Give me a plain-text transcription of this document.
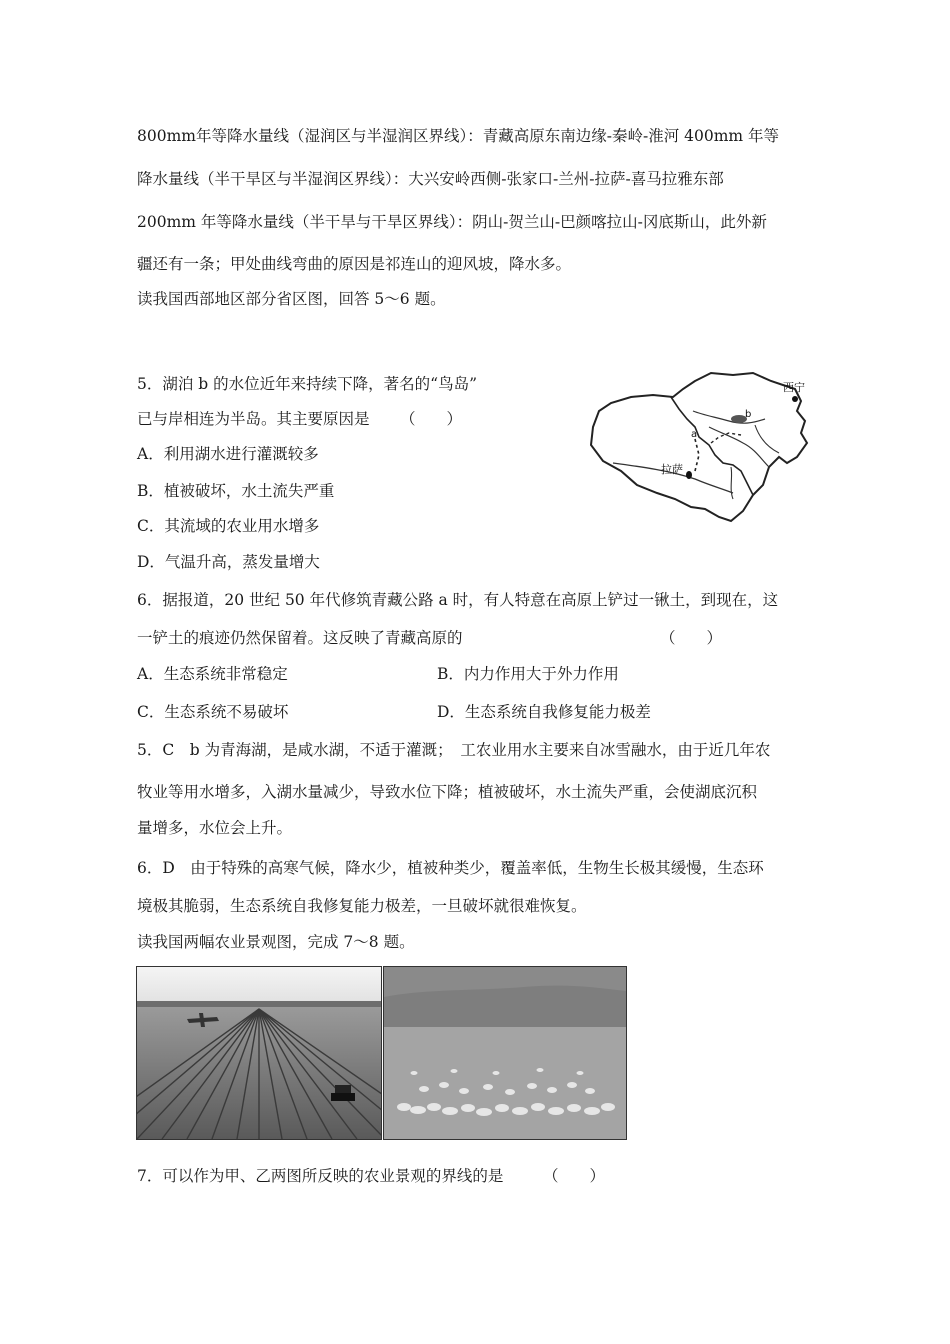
800mm年等降水量线（湿润区与半湿润区界线）：青藏高原东南边缘-秦岭-淮河 400mm 年等
降水量线（半干旱区与半湿润区界线）：大兴安岭西侧-张家口-兰州-拉萨-喜马拉雅东部
200mm 年等降水量线（半干旱与干旱区界线）：阴山-贺兰山-巴颜喀拉山-冈底斯山，此外新
疆还有一条；甲处曲线弯曲的原因是祁连山的迎风坡，降水多。
读我国西部地区部分省区图，回答 5～6 题。
5．湖泊 b 的水位近年来持续下降，著名的“鸟岛”
已与岸相连为半岛。其主要原因是 （　　）
A．利用湖水进行灌溉较多
B．植被破坏，水土流失严重
C．其流域的农业用水增多
D．气温升高，蒸发量增大
西宁
拉萨
a
b
6．据报道，20 世纪 50 年代修筑青藏公路 a 时，有人特意在高原上铲过一锹土，到现在，这
一铲土的痕迹仍然保留着。这反映了青藏高原的	（　　）
A．生态系统非常稳定	B．内力作用大于外力作用
C．生态系统不易破坏	D．生态系统自我修复能力极差
5．C　b 为青海湖，是咸水湖，不适于灌溉；　工农业用水主要来自冰雪融水，由于近几年农
牧业等用水增多，入湖水量减少，导致水位下降；植被破坏，水土流失严重，会使湖底沉积
量增多，水位会上升。
6．D　由于特殊的高寒气候，降水少，植被种类少，覆盖率低，生物生长极其缓慢，生态环
境极其脆弱，生态系统自我修复能力极差，一旦破坏就很难恢复。
读我国两幅农业景观图，完成 7～8 题。
7．可以作为甲、乙两图所反映的农业景观的界线的是	（　　）
